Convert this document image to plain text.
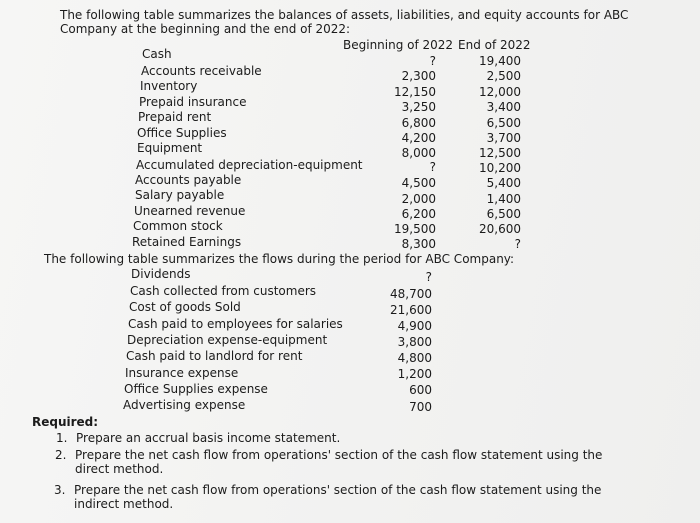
The following table summarizes the balances of assets, liabilities, and equity accounts for ABC Company at the beginning and the end of 2022:
Beginning of 2022 End of 2022
Cash	?	19,400
Accounts receivable	2,300	2,500
Inventory	12,150	12,000
Prepaid insurance	3,250	3,400
Prepaid rent	6,800	6,500
Office Supplies	4,200	3,700
Equipment	8,000	12,500
Accumulated depreciation-equipment	?	10,200
Accounts payable	4,500	5,400
Salary payable	2,000	1,400
Unearned revenue	6,200	6,500
Common stock	19,500	20,600
Retained Earnings	8,300	?
The following table summarizes the flows during the period for ABC Company:
Dividends	?
Cash collected from customers	48,700
Cost of goods Sold	21,600
Cash paid to employees for salaries	4,900
Depreciation expense-equipment	3,800
Cash paid to landlord for rent	4,800
Insurance expense	1,200
Office Supplies expense	600
Advertising expense	700
Required:
1. Prepare an accrual basis income statement.
2. Prepare the net cash flow from operations' section of the cash flow statement using the direct method.
3. Prepare the net cash flow from operations' section of the cash flow statement using the indirect method.
